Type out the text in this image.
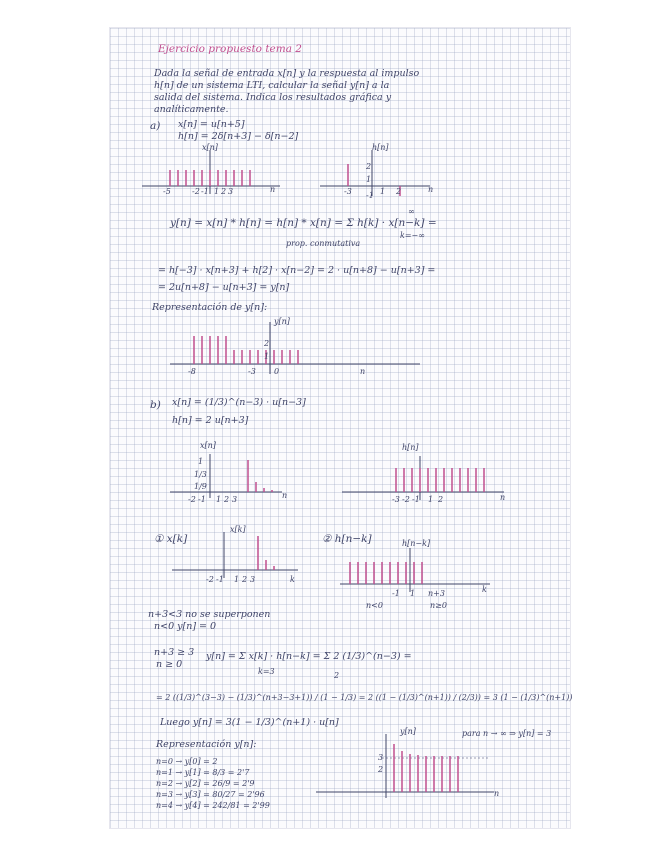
Ejercicio propuesto tema 2
Dada la señal de entrada x[n] y la respuesta al impulso
h[n] de un sistema LTI, calcular la señal y[n] a la
salida del sistema. Indica los resultados gráfica y
analíticamente.
a) x[n] = u[n+5]
h[n] = 2δ[n+3] − δ[n−2]
x[n]
-5	-2 -1 1 2 3	n
h[n]
-3	1 2
2
1
-1
n
y[n] = x[n] * h[n] = h[n] * x[n] = Σ h[k] · x[n−k] =
∞
k=−∞
prop. conmutativa
= h[−3] · x[n+3] + h[2] · x[n−2] = 2 · u[n+8] − u[n+3] =
= 2u[n+8] − u[n+3] = y[n]
Representación de y[n]:
y[n]
2
1
-8	-3 0	n
b) x[n] = (1/3)^(n−3) · u[n−3]
h[n] = 2 u[n+3]
x[n]
1
1/3
1/9
-2 -1 1 2 3	n
h[n]
-3 -2 -1 1 2	n
① x[k]
x[k]
-2 -1 1 2 3	k
② h[n−k]	h[n−k]
-1 1 n+3	k
n<0	n≥0
n+3<3 no se superponen
n<0 y[n] = 0
n+3 ≥ 3
n ≥ 0
y[n] = Σ x[k] · h[n−k] = Σ 2 (1/3)^(n−3) =
k=3	2
= 2 ((1/3)^(3−3) − (1/3)^(n+3−3+1)) / (1 − 1/3) = 2 ((1 − (1/3)^(n+1)) / (2/3)) = 3 (1 − (1/3)^(n+1))
Luego y[n] = 3(1 − 1/3)^(n+1) · u[n]
Representación y[n]:
para n → ∞ ⇒ y[n] = 3
y[n]
3
2
n
n=0 → y[0] = 2
n=1 → y[1] = 8/3 = 2'7
n=2 → y[2] = 26/9 = 2'9
n=3 → y[3] = 80/27 = 2'96
n=4 → y[4] = 242/81 = 2'99
